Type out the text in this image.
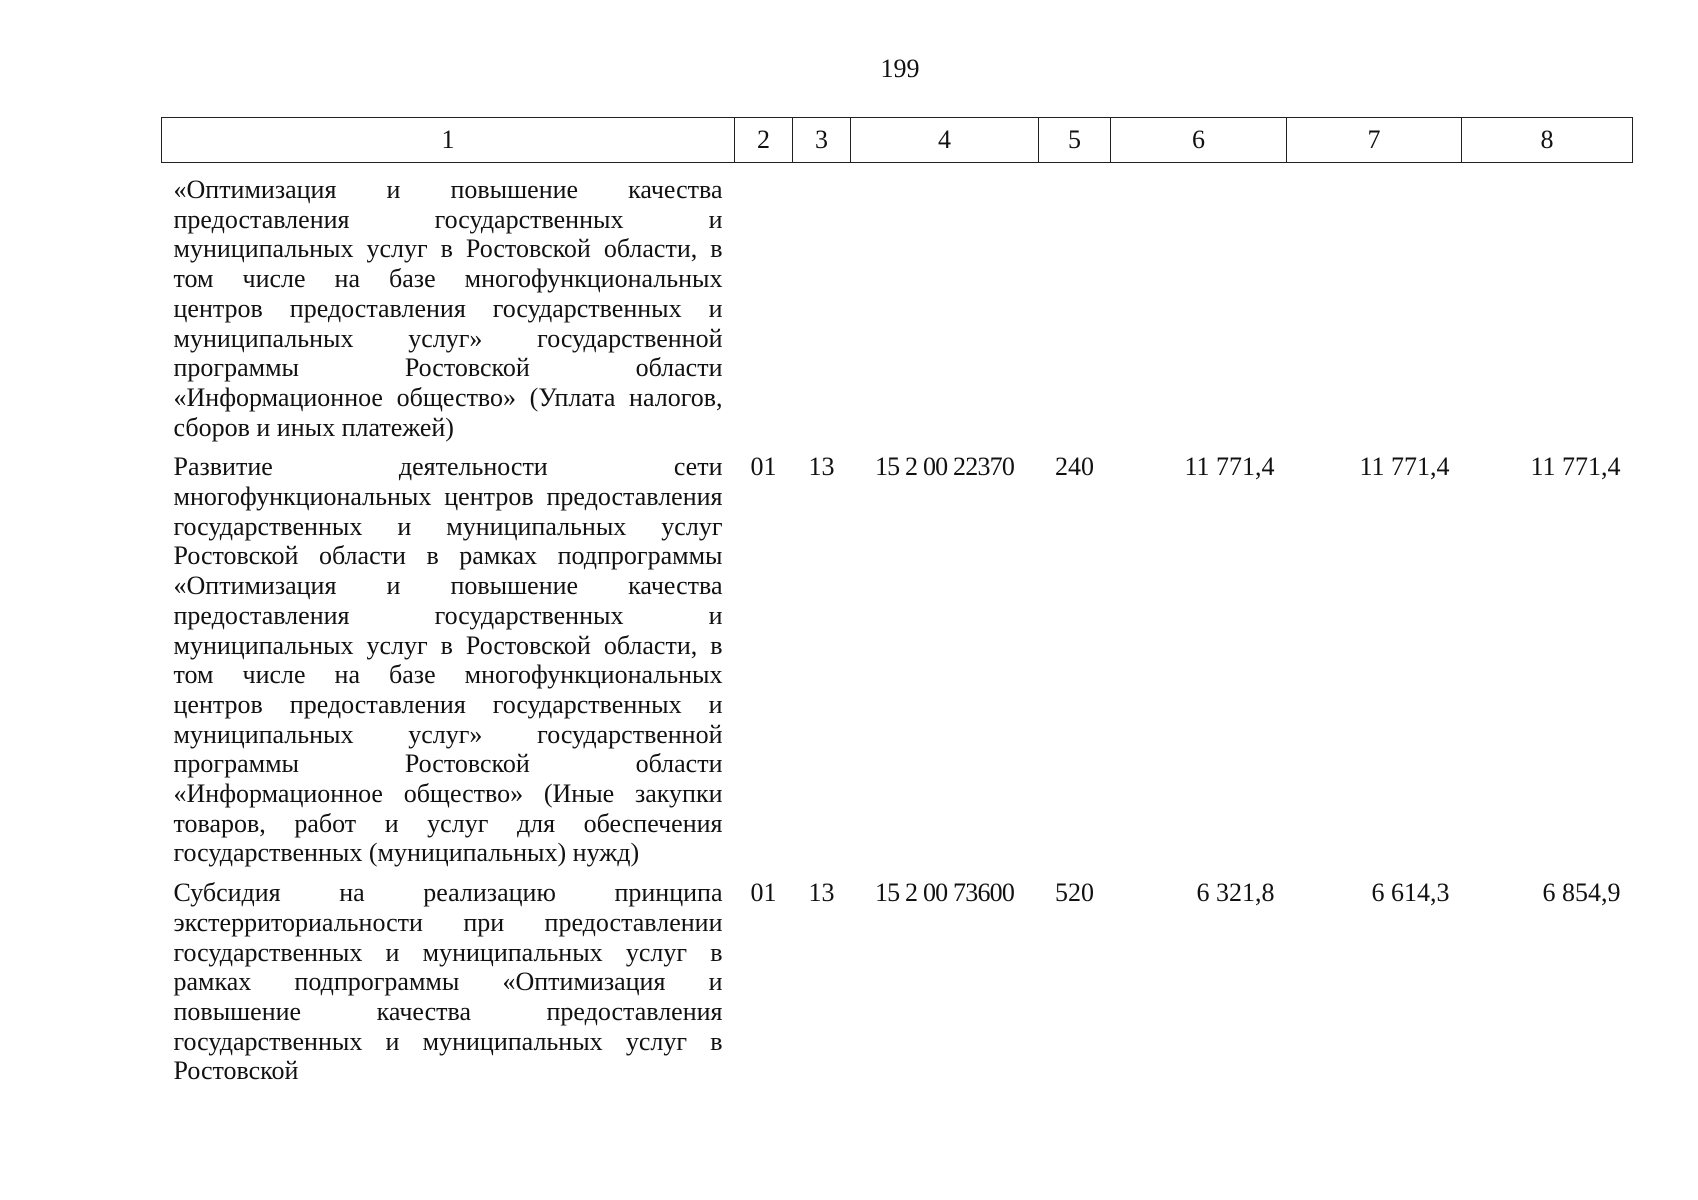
199
1	2	3	4	5	6	7	8
«Оптимизация и повышение качества предоставления государственных и муниципальных услуг в Ростовской области, в том числе на базе многофункциональных центров предоставления государственных и муниципальных услуг» государственной программы Ростовской области «Информационное общество» (Уплата налогов, сборов и иных платежей)							
Развитие деятельности сети многофункциональных центров предоставления государственных и муниципальных услуг Ростовской области в рамках подпрограммы «Оптимизация и повышение качества предоставления государственных и муниципальных услуг в Ростовской области, в том числе на базе многофункциональных центров предоставления государственных и муниципальных услуг» государственной программы Ростовской области «Информационное общество» (Иные закупки товаров, работ и услуг для обеспечения государственных (муниципальных) нужд)	01	13	15 2 00 22370	240	11 771,4	11 771,4	11 771,4
Субсидия на реализацию принципа экстерриториальности при предоставлении государственных и муниципальных услуг в рамках подпрограммы «Оптимизация и повышение качества предоставления государственных и муниципальных услуг в Ростовской	01	13	15 2 00 73600	520	6 321,8	6 614,3	6 854,9
